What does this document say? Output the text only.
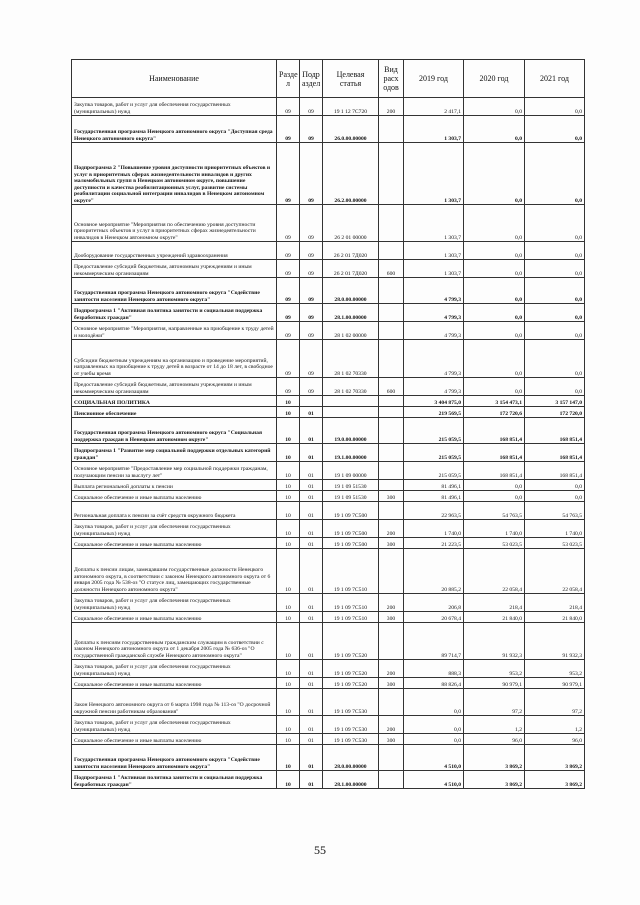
Наименование	Разде л	Подр аздел	Целевая статья	Вид расх одов	2019 год	2020 год	2021 год
Закупка товаров, работ и услуг для обеспечения государственных (муниципальных) нужд	09	09	19 1 12 7С720	200	2 417,1	0,0	0,0
Государственная программа Ненецкого автономного округа "Доступная среда Ненецкого автономного округа"	09	09	26.0.00.00000		1 303,7	0,0	0,0
Подпрограмма 2 "Повышение уровня доступности приоритетных объектов и услуг в приоритетных сферах жизнедеятельности инвалидов и других маломобильных групп в Ненецком автономном округе, повышение доступности и качества реабилитационных услуг, развитие системы реабилитации социальной интеграции инвалидов в Ненецком автономном округе"	09	09	26.2.00.00000		1 303,7	0,0	0,0
Основное мероприятие "Мероприятия по обеспечению уровня доступности приоритетных объектов и услуг в приоритетных сферах жизнедеятельности инвалидов в Ненецком автономном округе"	09	09	26 2 01 00000		1 303,7	0,0	0,0
Дооборудование государственных учреждений здравоохранения	09	09	26 2 01 7Д020		1 303,7	0,0	0,0
Предоставление субсидий бюджетным, автономным учреждениям и иным некоммерческим организациям	09	09	26 2 01 7Д020	600	1 303,7	0,0	0,0
Государственная программа Ненецкого автономного округа "Содействие занятости населения Ненецкого автономного округа"	09	09	28.0.00.00000		4 799,3	0,0	0,0
Подпрограмма 1 "Активная политика занятости и социальная поддержка безработных граждан"	09	09	28.1.00.00000		4 799,3	0,0	0,0
Основное мероприятие "Мероприятия, направленные на приобщение к труду детей и молодёжи"	09	09	28 1 02 00000		4 799,3	0,0	0,0
Субсидии бюджетным учреждениям на организацию и проведение мероприятий, направленных на приобщение к труду детей в возрасте от 14 до 18 лет, в свободное от учебы время	09	09	28 1 02 70330		4 799,3	0,0	0,0
Предоставление субсидий бюджетным, автономным учреждениям и иным некоммерческим организациям	09	09	28 1 02 70330	600	4 799,3	0,0	0,0
СОЦИАЛЬНАЯ ПОЛИТИКА	10				3 404 875,0	3 154 473,1	3 157 147,0
Пенсионное обеспечение	10	01			219 569,5	172 720,6	172 720,0
Государственная программа Ненецкого автономного округа "Социальная поддержка граждан в Ненецком автономном округе"	10	01	19.0.00.00000		215 059,5	168 851,4	168 851,4
Подпрограмма 1 "Развитие мер социальной поддержки отдельных категорий граждан"	10	01	19.1.00.00000		215 059,5	168 851,4	168 851,4
Основное мероприятие "Предоставление мер социальной поддержки гражданам, получающим пенсии за выслугу лет"	10	01	19 1 09 00000		215 059,5	168 851,4	168 851,4
Выплата региональной доплаты к пенсии	10	01	19 1 09 51530		81 496,1	0,0	0,0
Социальное обеспечение и иные выплаты населению	10	01	19 1 09 51530	300	81 496,1	0,0	0,0
Региональная доплата к пенсии за счёт средств окружного бюджета	10	01	19 1 09 7С500		22 963,5	54 763,5	54 763,5
Закупка товаров, работ и услуг для обеспечения государственных (муниципальных) нужд	10	01	19 1 09 7С500	200	1 740,0	1 740,0	1 740,0
Социальное обеспечение и иные выплаты населению	10	01	19 1 09 7С500	300	21 223,5	53 023,5	53 023,5
Доплаты к пенсии лицам, замещавшим государственные должности Ненецкого автономного округа, в соответствии с законом Ненецкого автономного округа от 6 января 2005 года № 538-оз "О статусе лиц, замещающих государственные должности Ненецкого автономного округа"	10	01	19 1 09 7С510		20 885,2	22 058,4	22 058,4
Закупка товаров, работ и услуг для обеспечения государственных (муниципальных) нужд	10	01	19 1 09 7С510	200	206,8	218,4	218,4
Социальное обеспечение и иные выплаты населению	10	01	19 1 09 7С510	300	20 678,4	21 840,0	21 840,0
Доплаты к пенсиям государственным гражданским служащим в соответствии с законом Ненецкого автономного округа от 1 декабря 2005 года № 636-оз "О государственной гражданской службе Ненецкого автономного округа"	10	01	19 1 09 7С520		89 714,7	91 932,3	91 932,3
Закупка товаров, работ и услуг для обеспечения государственных (муниципальных) нужд	10	01	19 1 09 7С520	200	888,3	953,2	953,2
Социальное обеспечение и иные выплаты населению	10	01	19 1 09 7С520	300	88 826,4	90 979,1	90 979,1
Закон Ненецкого автономного округа от 6 марта 1998 года № 113-оз "О досрочной окружной пенсии работникам образования"	10	01	19 1 09 7С530		0,0	97,2	97,2
Закупка товаров, работ и услуг для обеспечения государственных (муниципальных) нужд	10	01	19 1 09 7С530	200	0,0	1,2	1,2
Социальное обеспечение и иные выплаты населению	10	01	19 1 09 7С530	300	0,0	96,0	96,0
Государственная программа Ненецкого автономного округа "Содействие занятости населения Ненецкого автономного округа"	10	01	28.0.00.00000		4 510,0	3 869,2	3 869,2
Подпрограмма 1 "Активная политика занятости и социальная поддержка безработных граждан"	10	01	28.1.00.00000		4 510,0	3 869,2	3 869,2
55
